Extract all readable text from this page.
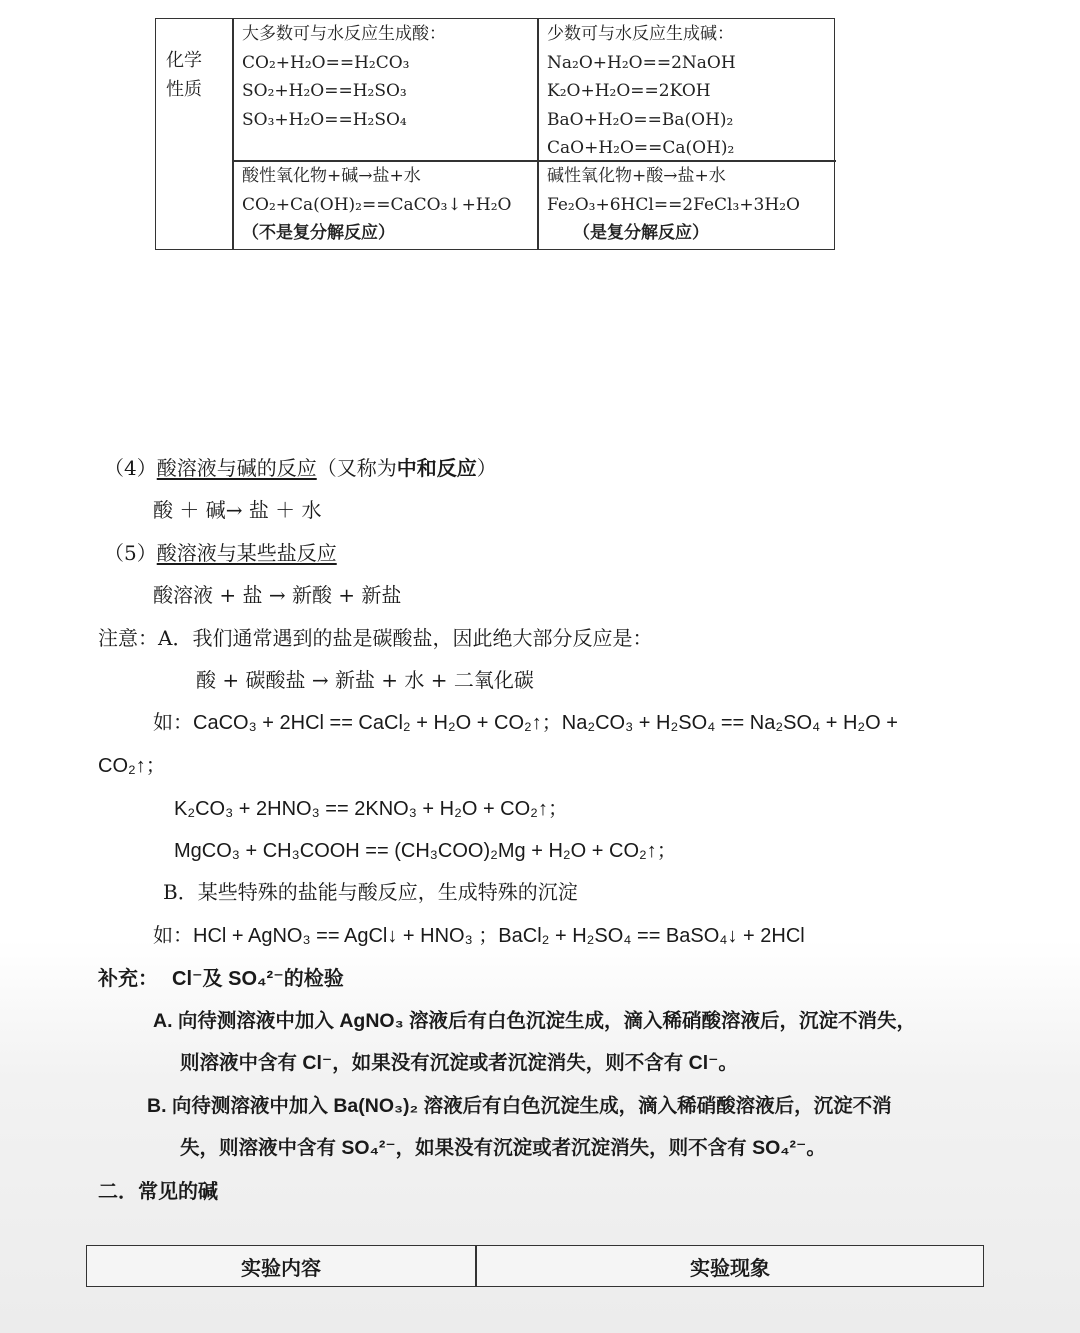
化学
性质
大多数可与水反应生成酸：
CO₂+H₂O==H₂CO₃
SO₂+H₂O==H₂SO₃
SO₃+H₂O==H₂SO₄
少数可与水反应生成碱：
Na₂O+H₂O==2NaOH
K₂O+H₂O==2KOH
BaO+H₂O==Ba(OH)₂
CaO+H₂O==Ca(OH)₂
酸性氧化物+碱→盐+水
CO₂+Ca(OH)₂==CaCO₃↓+H₂O
（不是复分解反应）
碱性氧化物+酸→盐+水
Fe₂O₃+6HCl==2FeCl₃+3H₂O
（是复分解反应）
（4）酸溶液与碱的反应（又称为中和反应）
酸 ＋ 碱→ 盐 ＋ 水
（5）酸溶液与某些盐反应
酸溶液 + 盐 → 新酸 + 新盐
注意：A．我们通常遇到的盐是碳酸盐，因此绝大部分反应是：
酸 + 碳酸盐 → 新盐 + 水 + 二氧化碳
如：CaCO₃ + 2HCl == CaCl₂ + H₂O + CO₂↑；Na₂CO₃ + H₂SO₄ == Na₂SO₄ + H₂O +
CO₂↑；
K₂CO₃ + 2HNO₃ == 2KNO₃ + H₂O + CO₂↑；
MgCO₃ + CH₃COOH == (CH₃COO)₂Mg + H₂O + CO₂↑；
B．某些特殊的盐能与酸反应，生成特殊的沉淀
如：HCl + AgNO₃ == AgCl↓ + HNO₃ ；BaCl₂ + H₂SO₄ == BaSO₄↓ + 2HCl
补充： Cl⁻及 SO₄²⁻的检验
A. 向待测溶液中加入 AgNO₃ 溶液后有白色沉淀生成，滴入稀硝酸溶液后，沉淀不消失，
则溶液中含有 Cl⁻，如果没有沉淀或者沉淀消失，则不含有 Cl⁻。
B. 向待测溶液中加入 Ba(NO₃)₂ 溶液后有白色沉淀生成，滴入稀硝酸溶液后，沉淀不消
失，则溶液中含有 SO₄²⁻，如果没有沉淀或者沉淀消失，则不含有 SO₄²⁻。
二．常见的碱
实验内容	实验现象
